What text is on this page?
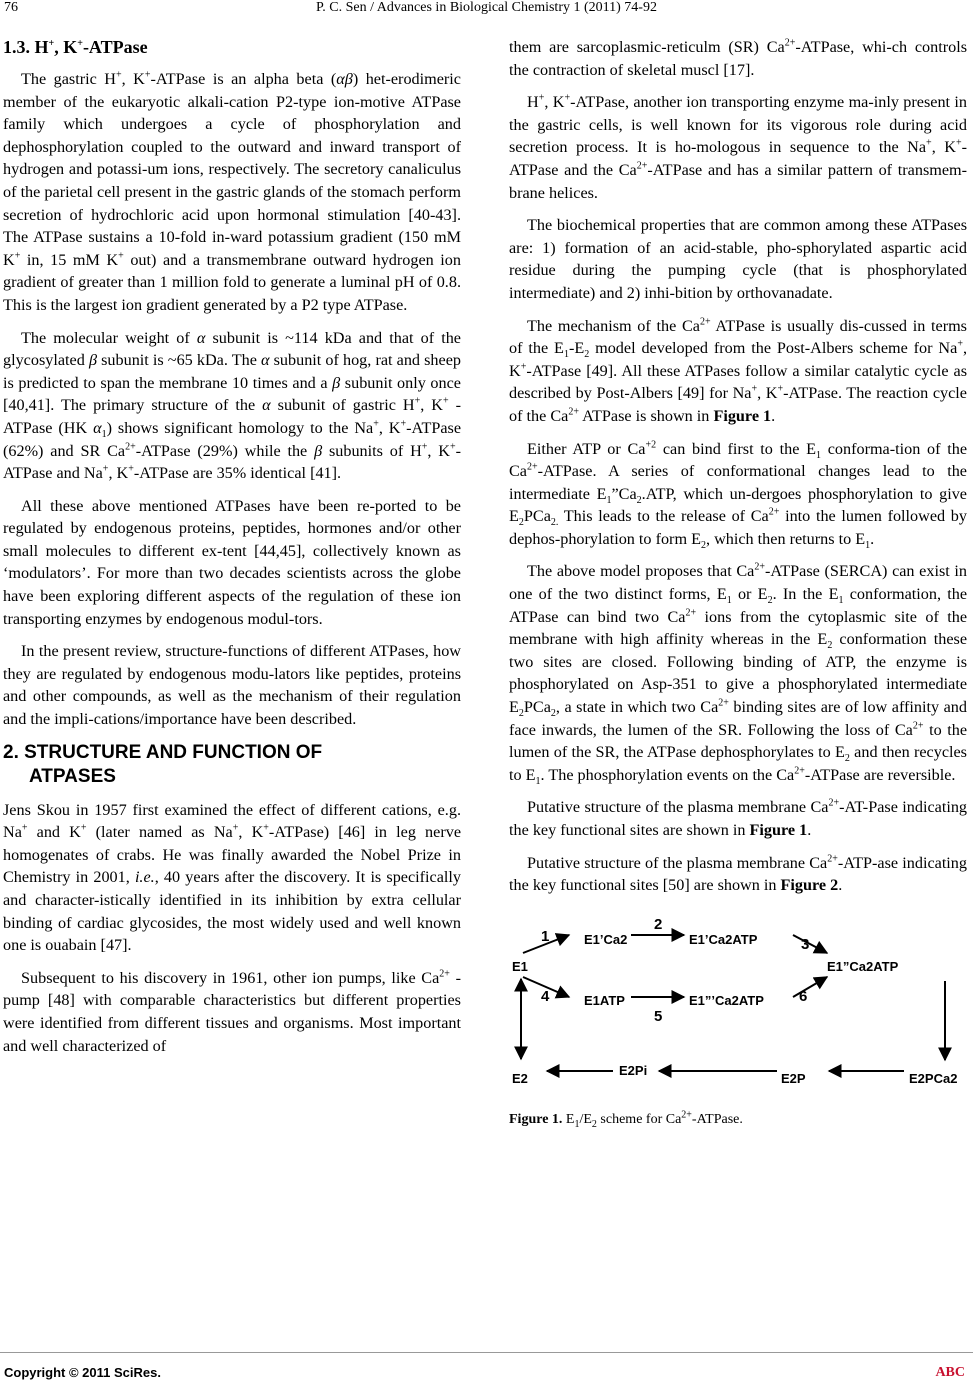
76	P. C. Sen / Advances in Biological Chemistry 1 (2011) 74-92
1.3. H+, K+-ATPase

The gastric H+, K+-ATPase is an alpha beta (αβ) het-erodimeric member of the eukaryotic alkali-cation P2-type ion-motive ATPase family which undergoes a cycle of phosphorylation and dephosphorylation coupled to the outward and inward transport of hydrogen and potassi-um ions, respectively. The secretory canaliculus of the parietal cell present in the gastric glands of the stomach perform secretion of hydrochloric acid upon hormonal stimulation [40-43]. The ATPase sustains a 10-fold in-ward potassium gradient (150 mM K+ in, 15 mM K+ out) and a transmembrane outward hydrogen ion gradient of greater than 1 million fold to generate a luminal pH of 0.8. This is the largest ion gradient generated by a P2 type ATPase.

The molecular weight of α subunit is ~114 kDa and that of the glycosylated β subunit is ~65 kDa. The α subunit of hog, rat and sheep is predicted to span the membrane 10 times and a β subunit only once [40,41]. The primary structure of the α subunit of gastric H+, K+ -ATPase (HK $\alpha_1$) shows significant homology to the Na+, K+-ATPase (62%) and SR $Ca^{2+}$-ATPase (29%) while the β subunits of H+, K+-ATPase and Na+, K+-ATPase are 35% identical [41].

All these above mentioned ATPases have been re-ported to be regulated by endogenous proteins, peptides, hormones and/or other small molecules to different ex-tent [44,45], collectively known as ‘modulators’. For more than two decades scientists across the globe have been exploring different aspects of the regulation of these ion transporting enzymes by endogenous modul-tors.

In the present review, structure-functions of different ATPases, how they are regulated by endogenous modu-lators like peptides, proteins and other compounds, as well as the mechanism of their regulation and the impli-cations/importance have been described.

2. STRUCTURE AND FUNCTION OF
ATPASES

Jens Skou in 1957 first examined the effect of different cations, e.g. Na+ and K+ (later named as Na+, K+-ATPase) [46] in leg nerve homogenates of crabs. He was finally awarded the Nobel Prize in Chemistry in 2001, i.e., 40 years after the discovery. It is specifically and character-istically identified in its inhibition by extra cellular binding of cardiac glycosides, the most widely used and well known one is ouabain [47].

Subsequent to his discovery in 1961, other ion pumps, like $Ca^{2+}$ -pump [48] with comparable characteristics but different properties were identified from different tissues and organisms. Most important and well characterized of

them are sarcoplasmic-reticulm (SR) $Ca^{2+}$-ATPase, whi-ch controls the contraction of skeletal muscl [17].

H+, K+-ATPase, another ion transporting enzyme ma-inly present in the gastric cells, is well known for its vigorous role during acid secretion process. It is ho-mologous in sequence to the Na+, K+-ATPase and the $Ca^{2+}$-ATPase and has a similar pattern of transmem-brane helices.

The biochemical properties that are common among these ATPases are: 1) formation of an acid-stable, pho-sphorylated aspartic acid residue during the pumping cycle (that is phosphorylated intermediate) and 2) inhi-bition by orthovanadate.

The mechanism of the $Ca^{2+}$ ATPase is usually dis-cussed in terms of the $E_1-E_2$ model developed from the Post-Albers scheme for Na+, K+-ATPase [49]. All these ATPases follow a similar catalytic cycle as described by Post-Albers [49] for Na+, K+-ATPase. The reaction cycle of the $Ca^{2+}$ ATPase is shown in Figure 1.

Either ATP or $Ca^{+2}$ can bind first to the $E_1$ conforma-tion of the $Ca^{2+}$-ATPase. A series of conformational changes lead to the intermediate $E_1”Ca_2.ATP$, which un-dergoes phosphorylation to give $E_2PCa_{2.}$ This leads to the release of $Ca^{2+}$ into the lumen followed by dephos-phorylation to form $E_2$, which then returns to $E_1$.

The above model proposes that $Ca^{2+}$-ATPase (SERCA) can exist in one of the two distinct forms, $E_1$ or $E_2$. In the $E_1$ conformation, the ATPase can bind two $Ca^{2+}$ ions from the cytoplasmic site of the membrane with high affinity whereas in the $E_2$ conformation these two sites are closed. Following binding of ATP, the enzyme is phosphorylated on Asp-351 to give a phosphorylated intermediate $E_2PCa_2$, a state in which two $Ca^{2+}$ binding sites are of low affinity and face inwards, the lumen of the SR. Following the loss of $Ca^{2+}$ to the lumen of the SR, the ATPase dephosphorylates to $E_2$ and then recycles to $E_1$. The phosphorylation events on the $Ca^{2+}$-ATPase are reversible.

Putative structure of the plasma membrane $Ca^{2+}-AT$-Pase indicating the key functional sites are shown in Figure 1.

Putative structure of the plasma membrane $Ca^{2+}-ATP$-ase indicating the key functional sites [50] are shown in Figure 2.

E1
E1’Ca2	E1’Ca2ATP
E1”Ca2ATP
E1ATP	E1”’Ca2ATP
E2
E2Pi
E2P	E2PCa2
1
2
3
4
5
6
Figure 1. $E_1/E_2$ scheme for $Ca^{2+}$-ATPase.
Copyright © 2011 SciRes.	ABC
